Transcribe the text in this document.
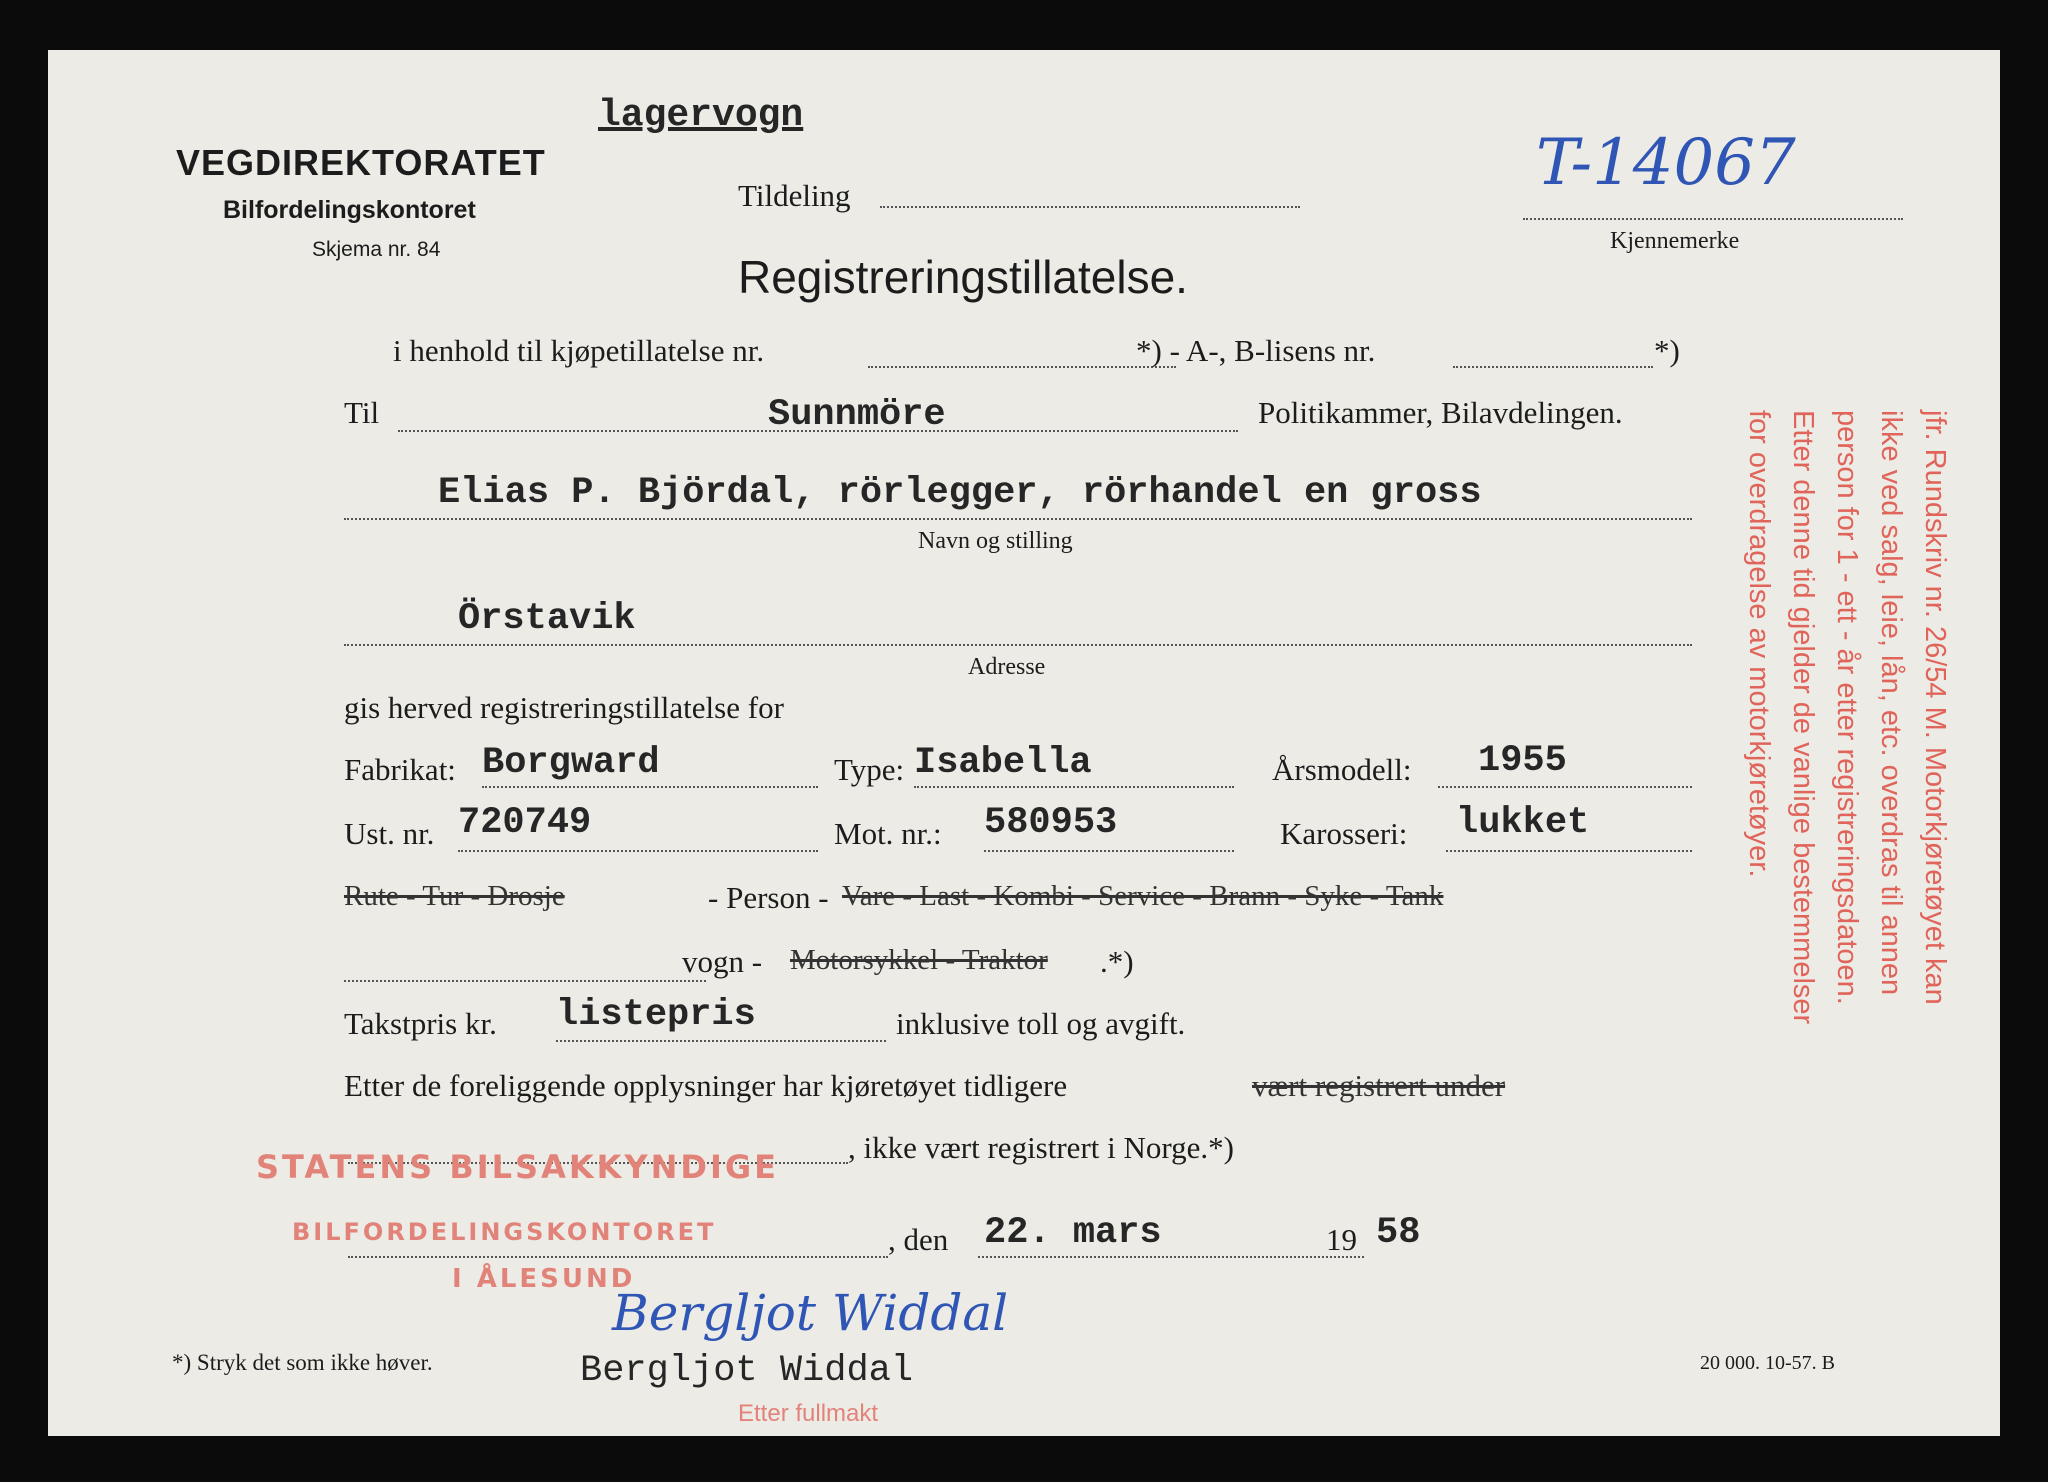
VEGDIREKTORATET
Bilfordelingskontoret
Skjema nr. 84
lagervogn
Tildeling	T-14067
Kjennemerke
Registreringstillatelse.
i henhold til kjøpetillatelse nr.	*) - A-, B-lisens nr.	*)
Til	Sunnmöre	Politikammer, Bilavdelingen.
Elias P. Björdal, rörlegger, rörhandel en gross
Navn og stilling
Örstavik
Adresse
gis herved registreringstillatelse for
Fabrikat: Borgward	Type: Isabella	Årsmodell: 1955
Ust. nr. 720749	Mot. nr.: 580953	Karosseri: lukket
Rute - Tur - Drosje	- Person - Vare - Last - Kombi - Service - Brann - Syke - Tank
vogn - Motorsykkel - Traktor .*)
Takstpris kr. listepris	inklusive toll og avgift.
Etter de foreliggende opplysninger har kjøretøyet tidligere	vært registrert under
, ikke vært registrert i Norge.*)
STATENS BILSAKKYNDIGE
BILFORDELINGSKONTORET
I ÅLESUND
, den 22. mars	19 58
Bergljot Widdal
Bergljot Widdal
Etter fullmakt
*) Stryk det som ikke høver.	20 000. 10-57. B
jfr. Rundskriv nr. 26/54 M. Motorkjøretøyet kan
ikke ved salg, leie, lån, etc. overdras til annen
person for 1 - ett - år etter registreringsdatoen.
Etter denne tid gjelder de vanlige bestemmelser
for overdragelse av motorkjøretøyer.
